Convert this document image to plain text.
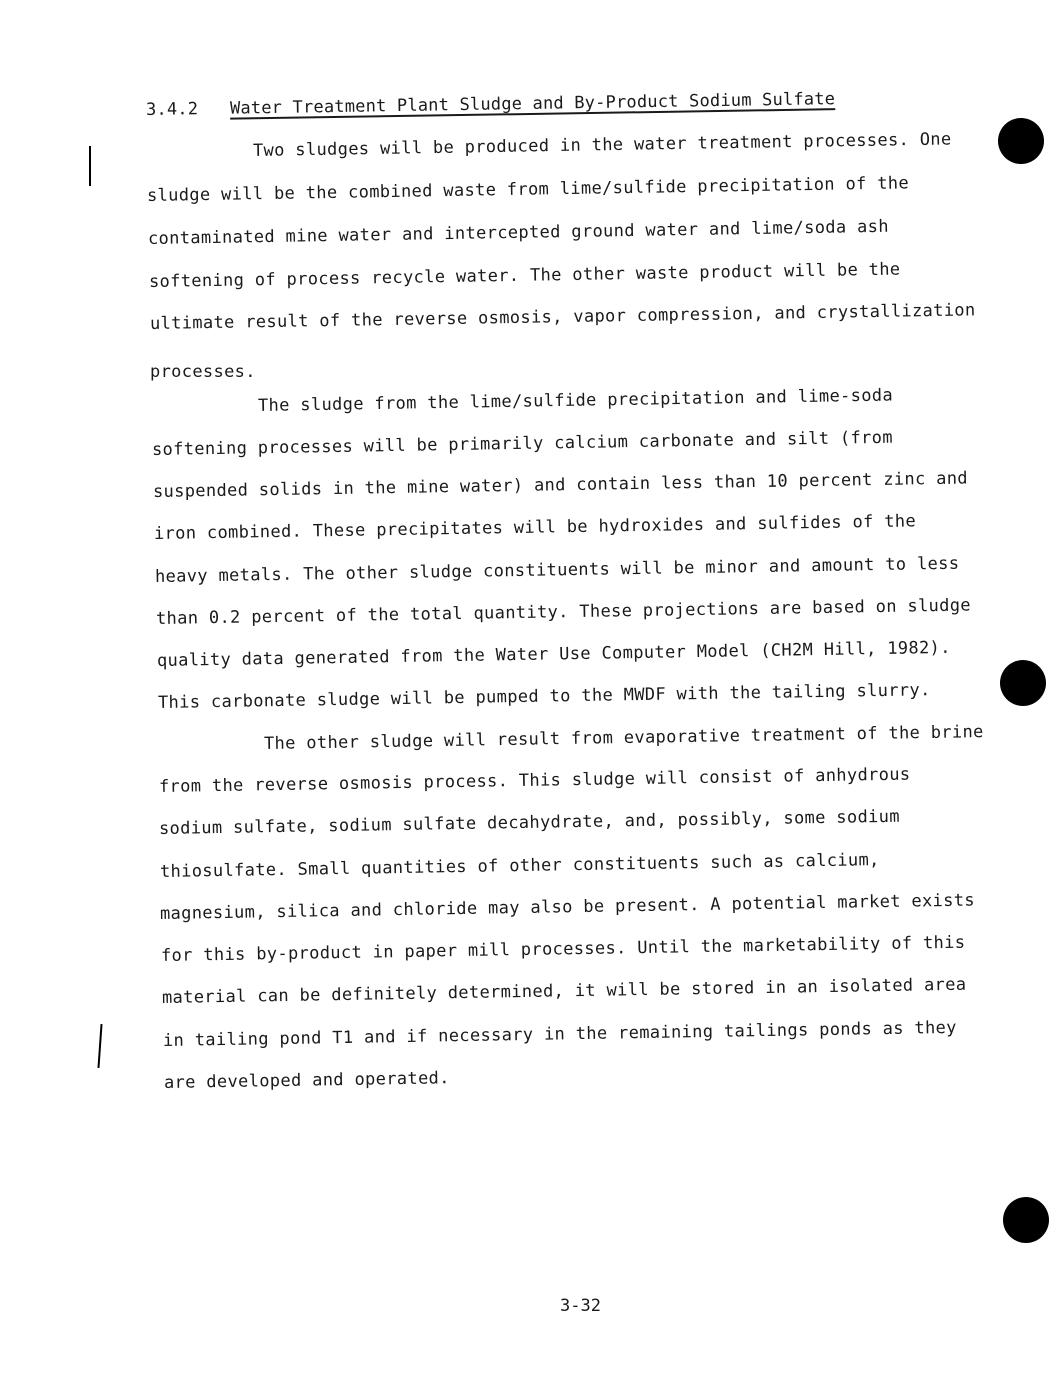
3.4.2 Water Treatment Plant Sludge and By-Product Sodium Sulfate
Two sludges will be produced in the water treatment processes. One
sludge will be the combined waste from lime/sulfide precipitation of the
contaminated mine water and intercepted ground water and lime/soda ash
softening of process recycle water. The other waste product will be the
ultimate result of the reverse osmosis, vapor compression, and crystallization
processes.
The sludge from the lime/sulfide precipitation and lime-soda
softening processes will be primarily calcium carbonate and silt (from
suspended solids in the mine water) and contain less than 10 percent zinc and
iron combined. These precipitates will be hydroxides and sulfides of the
heavy metals. The other sludge constituents will be minor and amount to less
than 0.2 percent of the total quantity. These projections are based on sludge
quality data generated from the Water Use Computer Model (CH2M Hill, 1982).
This carbonate sludge will be pumped to the MWDF with the tailing slurry.
The other sludge will result from evaporative treatment of the brine
from the reverse osmosis process. This sludge will consist of anhydrous
sodium sulfate, sodium sulfate decahydrate, and, possibly, some sodium
thiosulfate. Small quantities of other constituents such as calcium,
magnesium, silica and chloride may also be present. A potential market exists
for this by-product in paper mill processes. Until the marketability of this
material can be definitely determined, it will be stored in an isolated area
in tailing pond T1 and if necessary in the remaining tailings ponds as they
are developed and operated.
3-32
